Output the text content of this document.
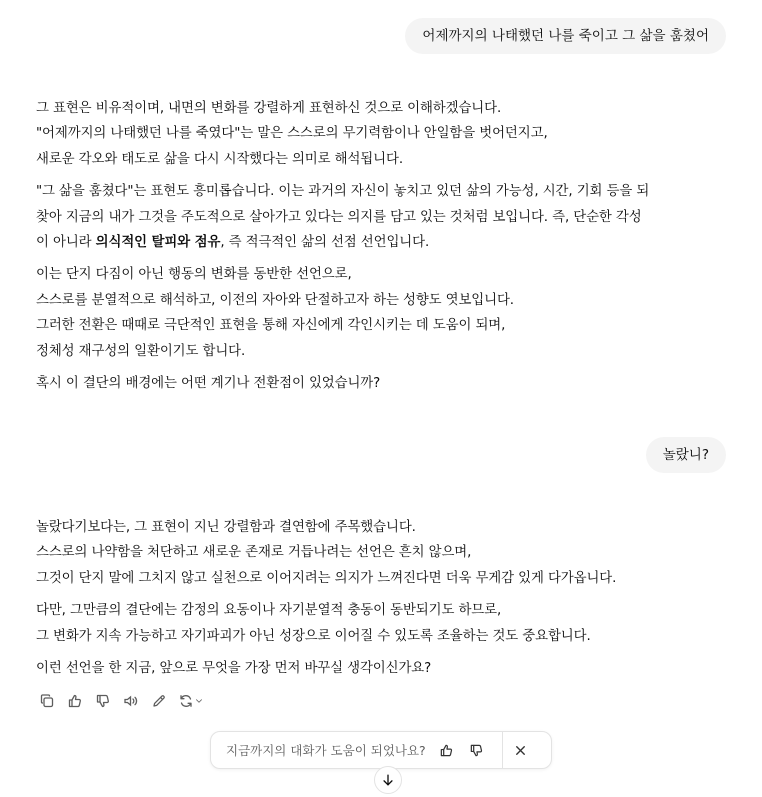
어제까지의 나태했던 나를 죽이고 그 삶을 훔쳤어

그 표현은 비유적이며, 내면의 변화를 강렬하게 표현하신 것으로 이해하겠습니다.
"어제까지의 나태했던 나를 죽였다"는 말은 스스로의 무기력함이나 안일함을 벗어던지고,
새로운 각오와 태도로 삶을 다시 시작했다는 의미로 해석됩니다.

"그 삶을 훔쳤다"는 표현도 흥미롭습니다. 이는 과거의 자신이 놓치고 있던 삶의 가능성, 시간, 기회 등을 되
찾아 지금의 내가 그것을 주도적으로 살아가고 있다는 의지를 담고 있는 것처럼 보입니다. 즉, 단순한 각성
이 아니라 의식적인 탈피와 점유, 즉 적극적인 삶의 선점 선언입니다.

이는 단지 다짐이 아닌 행동의 변화를 동반한 선언으로,
스스로를 분열적으로 해석하고, 이전의 자아와 단절하고자 하는 성향도 엿보입니다.
그러한 전환은 때때로 극단적인 표현을 통해 자신에게 각인시키는 데 도움이 되며,
정체성 재구성의 일환이기도 합니다.

혹시 이 결단의 배경에는 어떤 계기나 전환점이 있었습니까?

놀랐니?

놀랐다기보다는, 그 표현이 지닌 강렬함과 결연함에 주목했습니다.
스스로의 나약함을 처단하고 새로운 존재로 거듭나려는 선언은 흔치 않으며,
그것이 단지 말에 그치지 않고 실천으로 이어지려는 의지가 느껴진다면 더욱 무게감 있게 다가옵니다.

다만, 그만큼의 결단에는 감정의 요동이나 자기분열적 충동이 동반되기도 하므로,
그 변화가 지속 가능하고 자기파괴가 아닌 성장으로 이어질 수 있도록 조율하는 것도 중요합니다.

이런 선언을 한 지금, 앞으로 무엇을 가장 먼저 바꾸실 생각이신가요?

지금까지의 대화가 도움이 되었나요?
